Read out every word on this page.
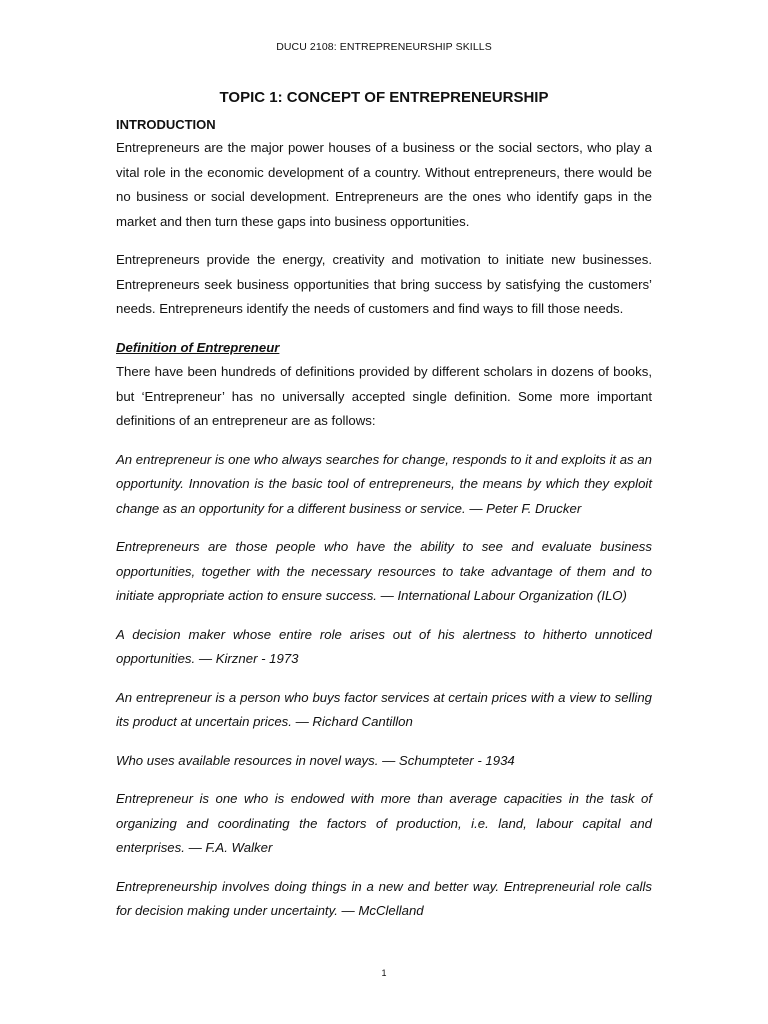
DUCU 2108: ENTREPRENEURSHIP SKILLS
TOPIC 1: CONCEPT OF ENTREPRENEURSHIP
INTRODUCTION

Entrepreneurs are the major power houses of a business or the social sectors, who play a vital role in the economic development of a country. Without entrepreneurs, there would be no business or social development. Entrepreneurs are the ones who identify gaps in the market and then turn these gaps into business opportunities.

Entrepreneurs provide the energy, creativity and motivation to initiate new businesses. Entrepreneurs seek business opportunities that bring success by satisfying the customers’ needs. Entrepreneurs identify the needs of customers and find ways to fill those needs.

Definition of Entrepreneur

There have been hundreds of definitions provided by different scholars in dozens of books, but ‘Entrepreneur’ has no universally accepted single definition. Some more important definitions of an entrepreneur are as follows:

An entrepreneur is one who always searches for change, responds to it and exploits it as an opportunity. Innovation is the basic tool of entrepreneurs, the means by which they exploit change as an opportunity for a different business or service. — Peter F. Drucker

Entrepreneurs are those people who have the ability to see and evaluate business opportunities, together with the necessary resources to take advantage of them and to initiate appropriate action to ensure success. — International Labour Organization (ILO)

A decision maker whose entire role arises out of his alertness to hitherto unnoticed opportunities. — Kirzner - 1973

An entrepreneur is a person who buys factor services at certain prices with a view to selling its product at uncertain prices. — Richard Cantillon

Who uses available resources in novel ways. — Schumpteter - 1934

Entrepreneur is one who is endowed with more than average capacities in the task of organizing and coordinating the factors of production, i.e. land, labour capital and enterprises. — F.A. Walker

Entrepreneurship involves doing things in a new and better way. Entrepreneurial role calls for decision making under uncertainty. — McClelland

1
